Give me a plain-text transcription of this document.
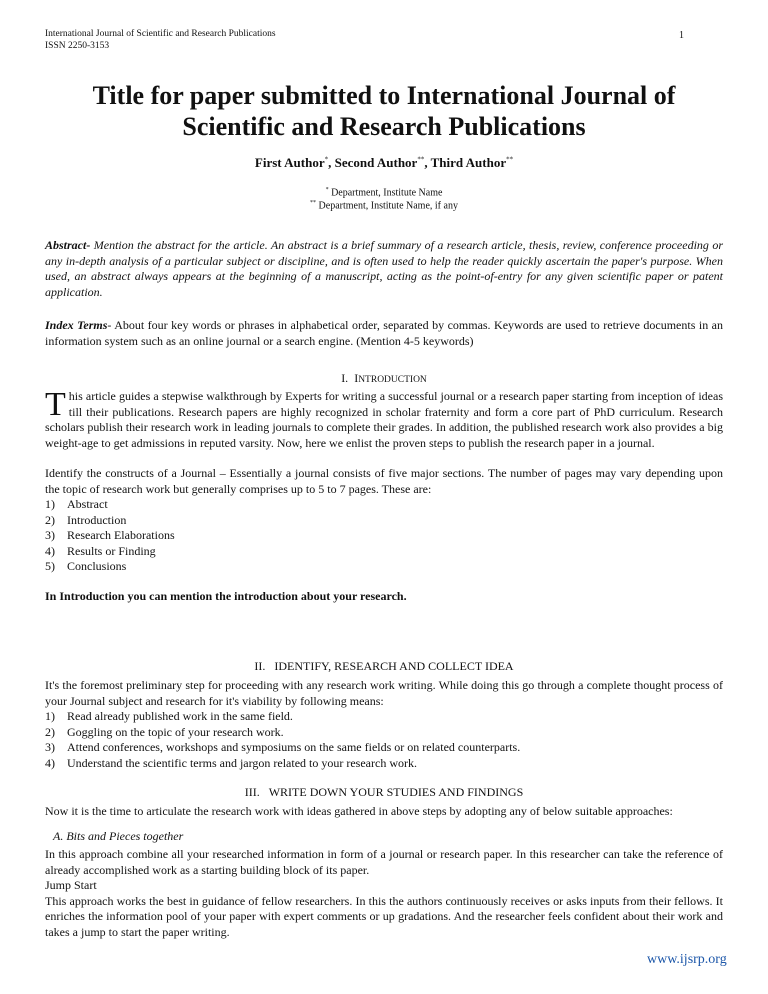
International Journal of Scientific and Research Publications
ISSN 2250-3153
1
Title for paper submitted to International Journal of Scientific and Research Publications
First Author*, Second Author**, Third Author**
* Department, Institute Name
** Department, Institute Name, if any
Abstract- Mention the abstract for the article. An abstract is a brief summary of a research article, thesis, review, conference proceeding or any in-depth analysis of a particular subject or discipline, and is often used to help the reader quickly ascertain the paper's purpose. When used, an abstract always appears at the beginning of a manuscript, acting as the point-of-entry for any given scientific paper or patent application.
Index Terms- About four key words or phrases in alphabetical order, separated by commas. Keywords are used to retrieve documents in an information system such as an online journal or a search engine. (Mention 4-5 keywords)
I. INTRODUCTION

This article guides a stepwise walkthrough by Experts for writing a successful journal or a research paper starting from inception of ideas till their publications. Research papers are highly recognized in scholar fraternity and form a core part of PhD curriculum. Research scholars publish their research work in leading journals to complete their grades. In addition, the published research work also provides a big weight-age to get admissions in reputed varsity. Now, here we enlist the proven steps to publish the research paper in a journal.

Identify the constructs of a Journal – Essentially a journal consists of five major sections. The number of pages may vary depending upon the topic of research work but generally comprises up to 5 to 7 pages. These are:

1)	Abstract
2)	Introduction
3)	Research Elaborations
4)	Results or Finding
5)	Conclusions

In Introduction you can mention the introduction about your research.

II. IDENTIFY, RESEARCH AND COLLECT IDEA

It's the foremost preliminary step for proceeding with any research work writing. While doing this go through a complete thought process of your Journal subject and research for it's viability by following means:

1)	Read already published work in the same field.
2)	Goggling on the topic of your research work.
3)	Attend conferences, workshops and symposiums on the same fields or on related counterparts.
4)	Understand the scientific terms and jargon related to your research work.
III. WRITE DOWN YOUR STUDIES AND FINDINGS
Now it is the time to articulate the research work with ideas gathered in above steps by adopting any of below suitable approaches:
A. Bits and Pieces together

In this approach combine all your researched information in form of a journal or research paper. In this researcher can take the reference of already accomplished work as a starting building block of its paper.

Jump Start

This approach works the best in guidance of fellow researchers. In this the authors continuously receives or asks inputs from their fellows. It enriches the information pool of your paper with expert comments or up gradations. And the researcher feels confident about their work and takes a jump to start the paper writing.

www.ijsrp.org
